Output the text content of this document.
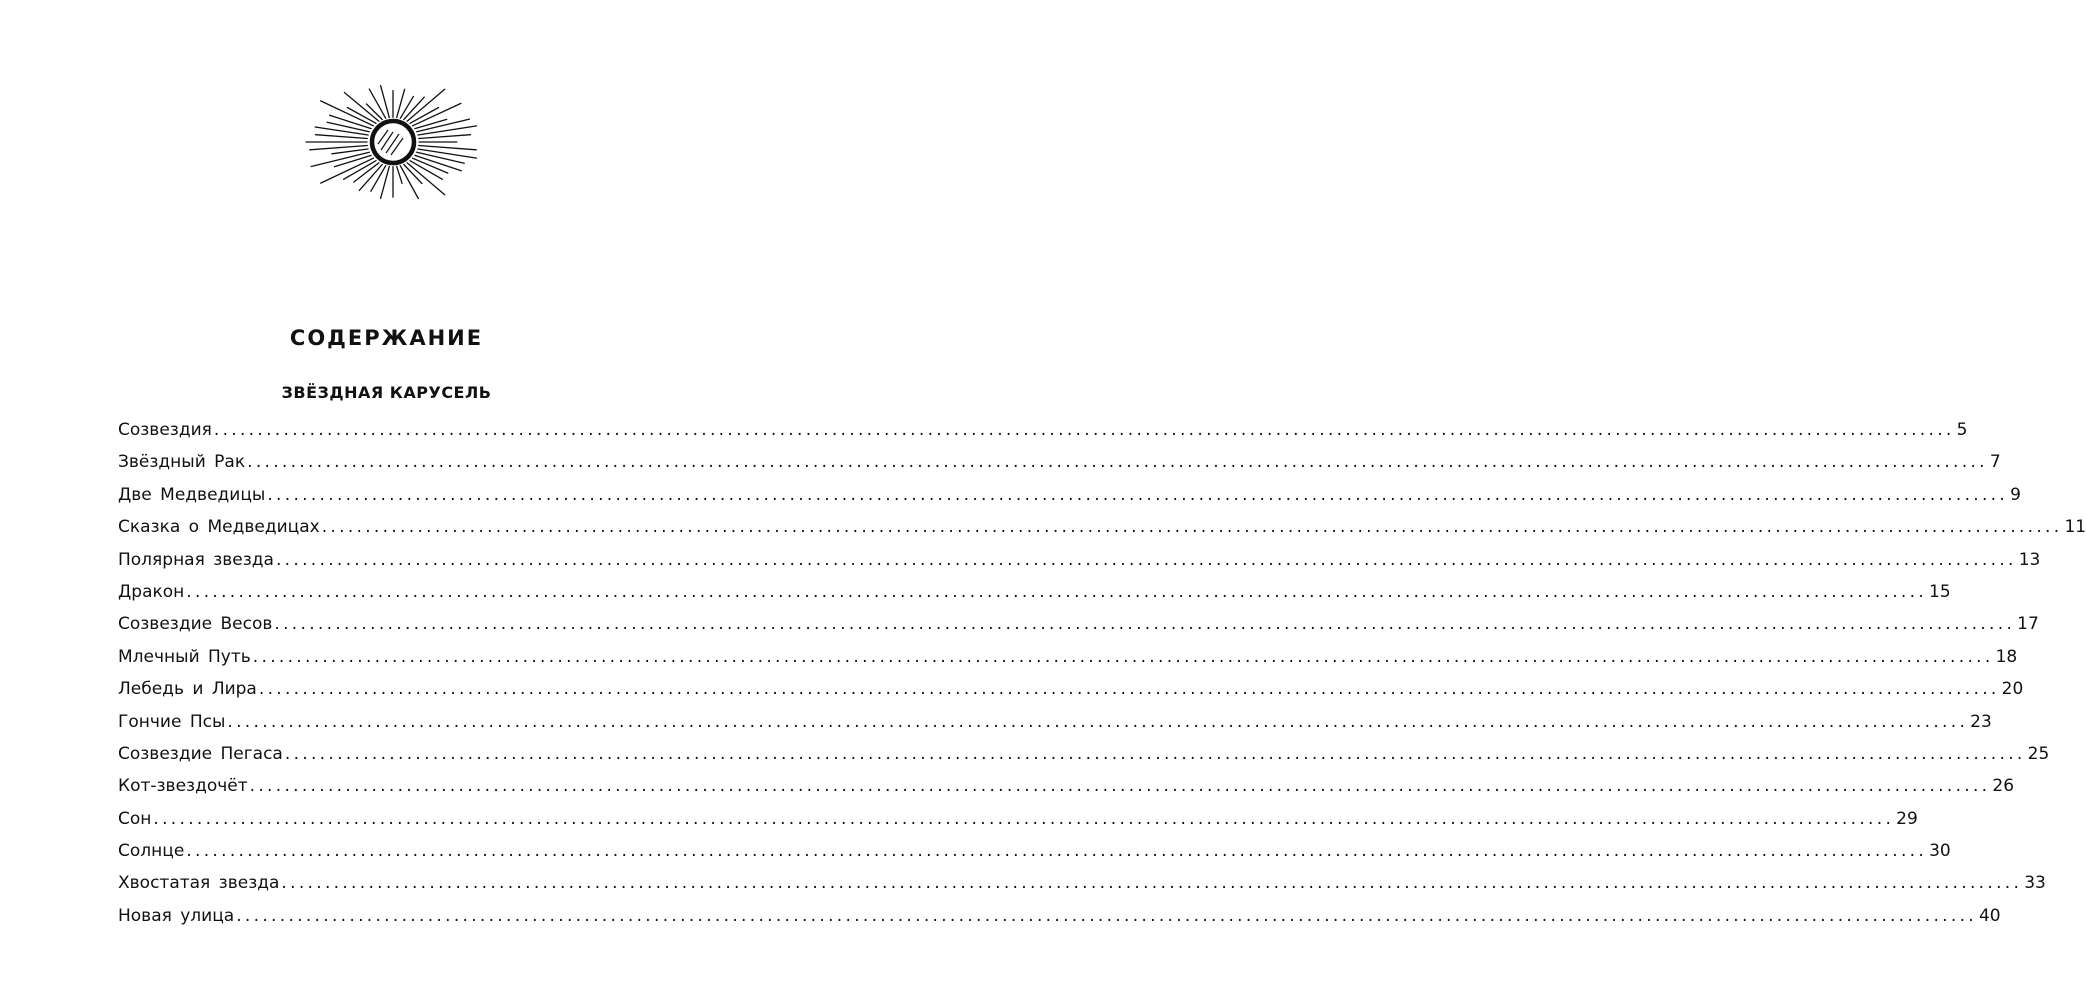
СОДЕРЖАНИЕ
ЗВЁЗДНАЯ КАРУСЕЛЬ
Созвездия ........................................................................................................................................................................................................ 5
Звёздный Рак ........................................................................................................................................................................................................ 7
Две Медведицы ........................................................................................................................................................................................................ 9
Сказка о Медведицах ........................................................................................................................................................................................................ 11
Полярная звезда ........................................................................................................................................................................................................ 13
Дракон ........................................................................................................................................................................................................ 15
Созвездие Весов ........................................................................................................................................................................................................ 17
Млечный Путь ........................................................................................................................................................................................................ 18
Лебедь и Лира ........................................................................................................................................................................................................ 20
Гончие Псы ........................................................................................................................................................................................................ 23
Созвездие Пегаса ........................................................................................................................................................................................................ 25
Кот-звездочёт ........................................................................................................................................................................................................ 26
Сон ........................................................................................................................................................................................................ 29
Солнце ........................................................................................................................................................................................................ 30
Хвостатая звезда ........................................................................................................................................................................................................ 33
Новая улица ........................................................................................................................................................................................................ 40
